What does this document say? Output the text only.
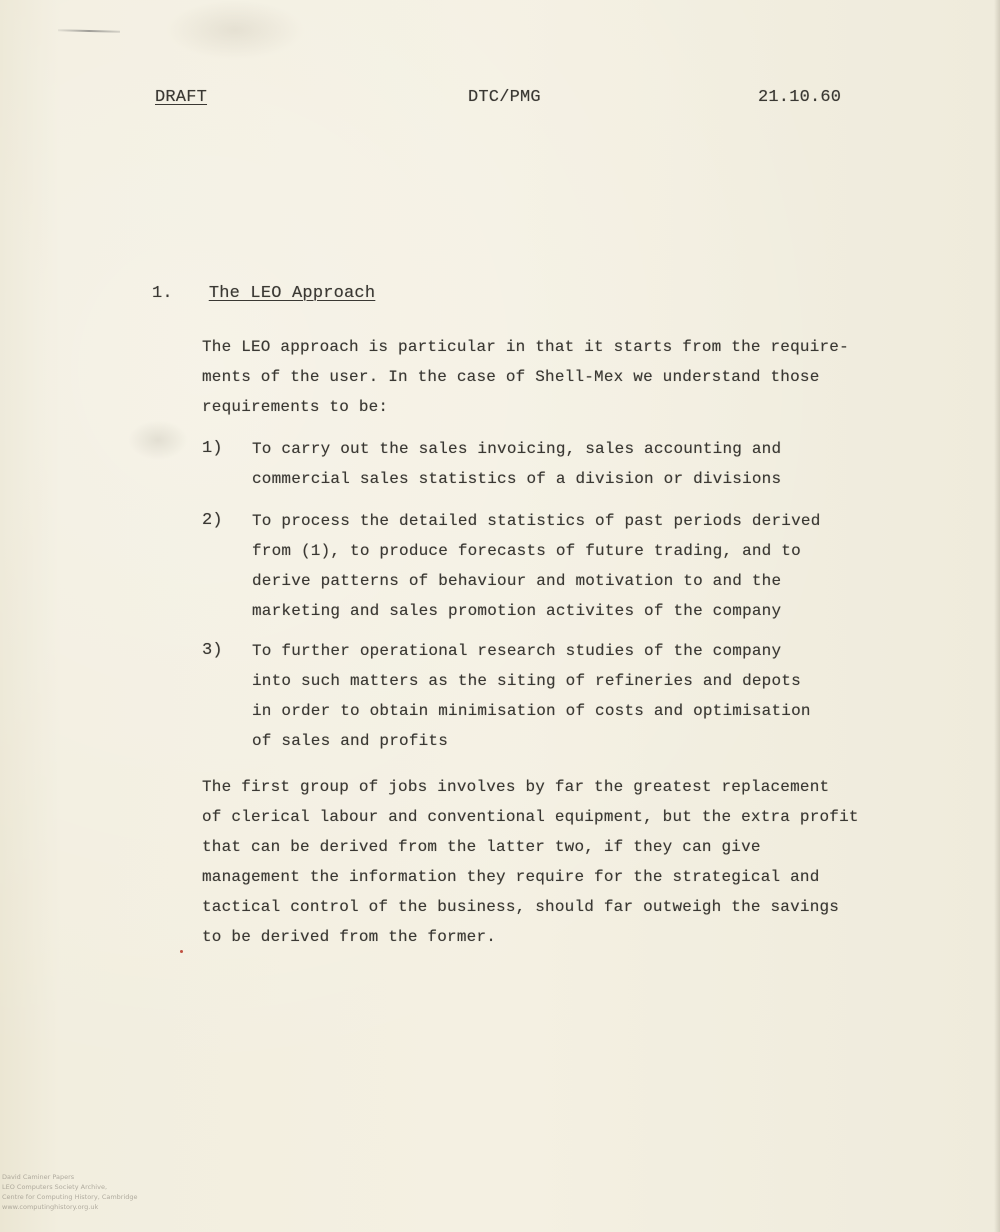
DRAFT	DTC/PMG	21.10.60
1. The LEO Approach
The LEO approach is particular in that it starts from the require-
ments of the user. In the case of Shell-Mex we understand those
requirements to be:
1)	To carry out the sales invoicing, sales accounting and
commercial sales statistics of a division or divisions
2)	To process the detailed statistics of past periods derived
from (1), to produce forecasts of future trading, and to
derive patterns of behaviour and motivation to and the
marketing and sales promotion activites of the company
3)	To further operational research studies of the company
into such matters as the siting of refineries and depots
in order to obtain minimisation of costs and optimisation
of sales and profits
The first group of jobs involves by far the greatest replacement
of clerical labour and conventional equipment, but the extra profit
that can be derived from the latter two, if they can give
management the information they require for the strategical and
tactical control of the business, should far outweigh the savings
to be derived from the former.
David Caminer Papers
LEO Computers Society Archive,
Centre for Computing History, Cambridge
www.computinghistory.org.uk
